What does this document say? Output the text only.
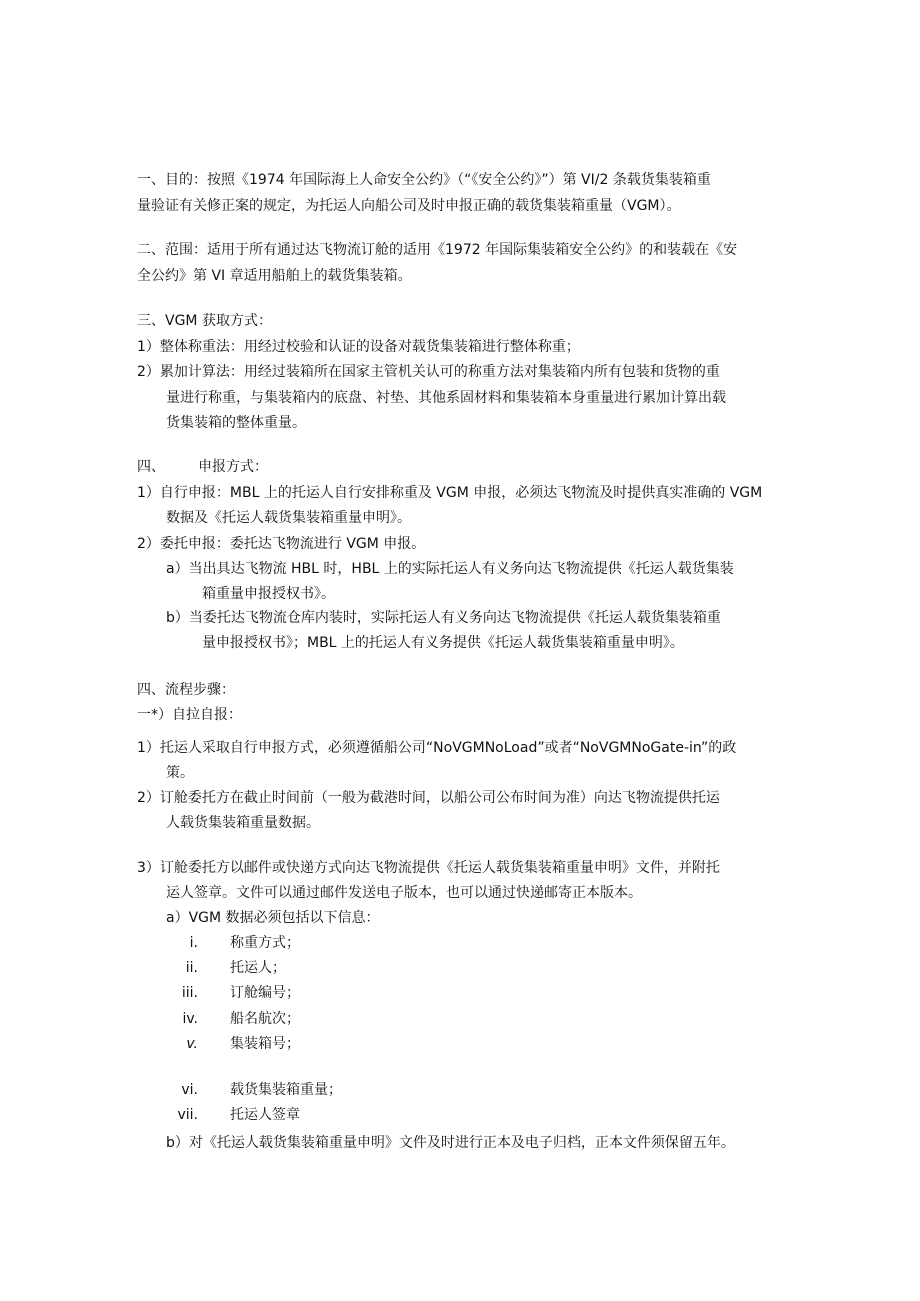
一、目的：按照《1974 年国际海上人命安全公约》（“《安全公约》”）第 VI/2 条载货集装箱重
量验证有关修正案的规定，为托运人向船公司及时申报正确的载货集装箱重量（VGM）。
二、范围：适用于所有通过达飞物流订舱的适用《1972 年国际集装箱安全公约》的和装载在《安
全公约》第 VI 章适用船舶上的载货集装箱。
三、VGM 获取方式：
1）整体称重法：用经过校验和认证的设备对载货集装箱进行整体称重；
2）累加计算法：用经过装箱所在国家主管机关认可的称重方法对集装箱内所有包装和货物的重
量进行称重，与集装箱内的底盘、衬垫、其他系固材料和集装箱本身重量进行累加计算出载
货集装箱的整体重量。
四、 申报方式：
1）自行申报：MBL 上的托运人自行安排称重及 VGM 申报，必须达飞物流及时提供真实准确的 VGM
数据及《托运人载货集装箱重量申明》。
2）委托申报：委托达飞物流进行 VGM 申报。
a）当出具达飞物流 HBL 时，HBL 上的实际托运人有义务向达飞物流提供《托运人载货集装
箱重量申报授权书》。
b）当委托达飞物流仓库内装时，实际托运人有义务向达飞物流提供《托运人载货集装箱重
量申报授权书》；MBL 上的托运人有义务提供《托运人载货集装箱重量申明》。
四、流程步骤：
一*）自拉自报：
1）托运人采取自行申报方式，必须遵循船公司“NoVGMNoLoad”或者“NoVGMNoGate-in”的政
策。
2）订舱委托方在截止时间前（一般为截港时间，以船公司公布时间为准）向达飞物流提供托运
人载货集装箱重量数据。
3）订舱委托方以邮件或快递方式向达飞物流提供《托运人载货集装箱重量申明》文件，并附托
运人签章。文件可以通过邮件发送电子版本，也可以通过快递邮寄正本版本。
a）VGM 数据必须包括以下信息：
i. 称重方式；
ii. 托运人；
iii. 订舱编号；
iv. 船名航次；
v. 集装箱号；
vi. 载货集装箱重量；
vii. 托运人签章
b）对《托运人载货集装箱重量申明》文件及时进行正本及电子归档，正本文件须保留五年。
